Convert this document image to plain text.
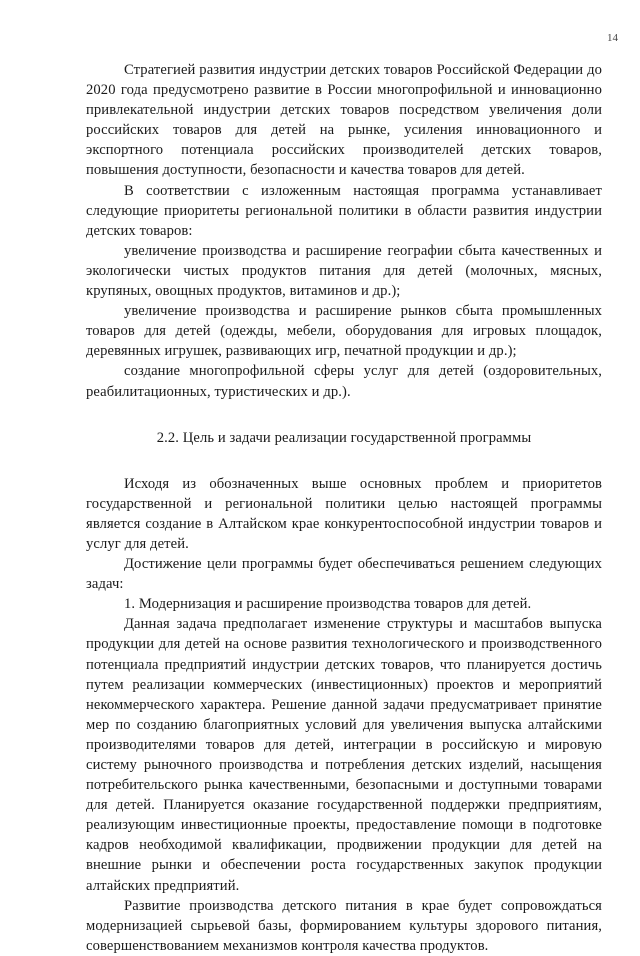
14

Стратегией развития индустрии детских товаров Российской Федерации до 2020 года предусмотрено развитие в России многопрофильной и инновационно привлекательной индустрии детских товаров посредством увеличения доли российских товаров для детей на рынке, усиления инновационного и экспортного потенциала российских производителей детских товаров, повышения доступности, безопасности и качества товаров для детей.

В соответствии с изложенным настоящая программа устанавливает следующие приоритеты региональной политики в области развития индустрии детских товаров:

увеличение производства и расширение географии сбыта качественных и экологически чистых продуктов питания для детей (молочных, мясных, крупяных, овощных продуктов, витаминов и др.);

увеличение производства и расширение рынков сбыта промышленных товаров для детей (одежды, мебели, оборудования для игровых площадок, деревянных игрушек, развивающих игр, печатной продукции и др.);

создание многопрофильной сферы услуг для детей (оздоровительных, реабилитационных, туристических и др.).

2.2. Цель и задачи реализации государственной программы

Исходя из обозначенных выше основных проблем и приоритетов государственной и региональной политики целью настоящей программы является создание в Алтайском крае конкурентоспособной индустрии товаров и услуг для детей.

Достижение цели программы будет обеспечиваться решением следующих задач:

1. Модернизация и расширение производства товаров для детей.

Данная задача предполагает изменение структуры и масштабов выпуска продукции для детей на основе развития технологического и производственного потенциала предприятий индустрии детских товаров, что планируется достичь путем реализации коммерческих (инвестиционных) проектов и мероприятий некоммерческого характера. Решение данной задачи предусматривает принятие мер по созданию благоприятных условий для увеличения выпуска алтайскими производителями товаров для детей, интеграции в российскую и мировую систему рыночного производства и потребления детских изделий, насыщения потребительского рынка качественными, безопасными и доступными товарами для детей. Планируется оказание государственной поддержки предприятиям, реализующим инвестиционные проекты, предоставление помощи в подготовке кадров необходимой квалификации, продвижении продукции для детей на внешние рынки и обеспечении роста государственных закупок продукции алтайских предприятий.

Развитие производства детского питания в крае будет сопровождаться модернизацией сырьевой базы, формированием культуры здорового питания, совершенствованием механизмов контроля качества продуктов.
